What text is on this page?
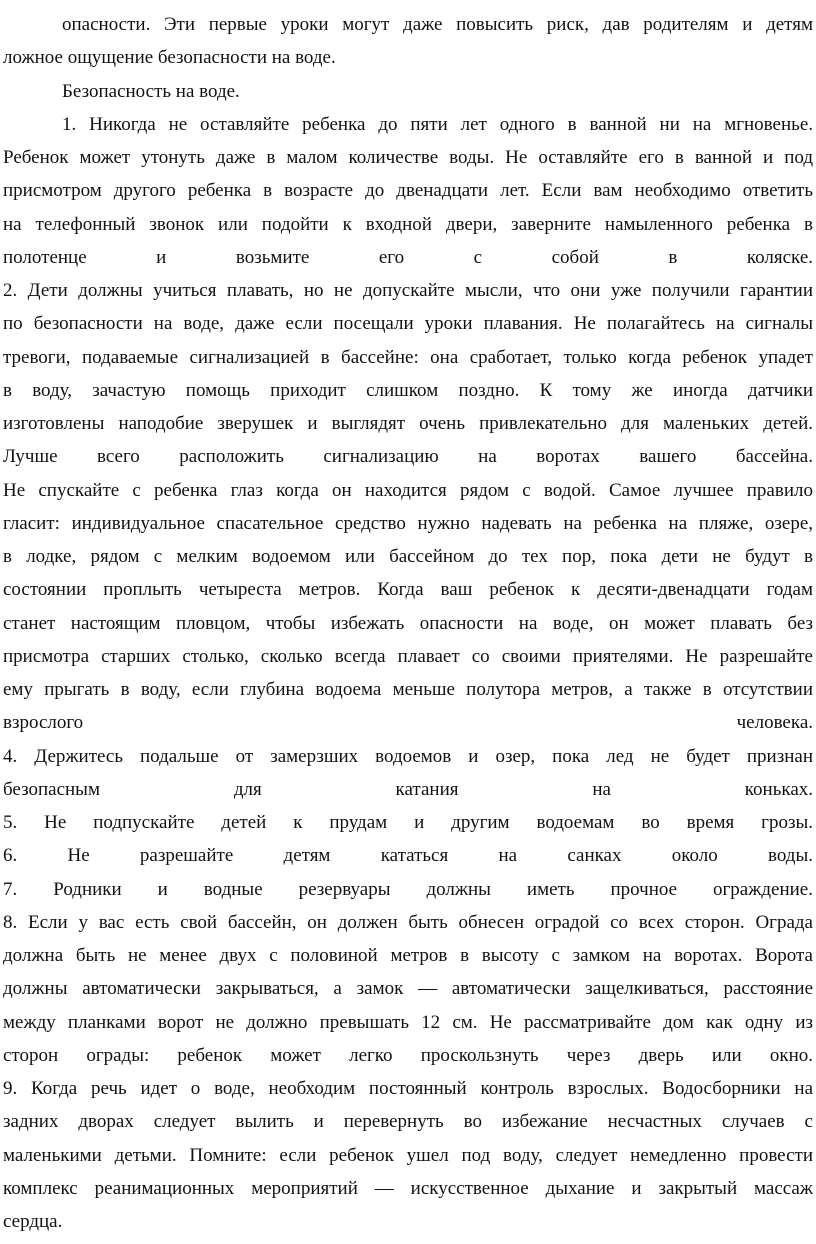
опасности. Эти первые уроки могут даже повысить риск, дав родителям и детям
ложное ощущение безопасности на воде.
Безопасность на воде.
1. Никогда не оставляйте ребенка до пяти лет одного в ванной ни на мгновенье.
Ребенок может утонуть даже в малом количестве воды. Не оставляйте его в ванной и под
присмотром другого ребенка в возрасте до двенадцати лет. Если вам необходимо ответить
на телефонный звонок или подойти к входной двери, заверните намыленного ребенка в
полотенце и возьмите его с собой в коляске.
2. Дети должны учиться плавать, но не допускайте мысли, что они уже получили гарантии
по безопасности на воде, даже если посещали уроки плавания. Не полагайтесь на сигналы
тревоги, подаваемые сигнализацией в бассейне: она сработает, только когда ребенок упадет
в воду, зачастую помощь приходит слишком поздно. К тому же иногда датчики
изготовлены наподобие зверушек и выглядят очень привлекательно для маленьких детей.
Лучше всего расположить сигнализацию на воротах вашего бассейна.
Не спускайте с ребенка глаз когда он находится рядом с водой. Самое лучшее правило
гласит: индивидуальное спасательное средство нужно надевать на ребенка на пляже, озере,
в лодке, рядом с мелким водоемом или бассейном до тех пор, пока дети не будут в
состоянии проплыть четыреста метров. Когда ваш ребенок к десяти-двенадцати годам
станет настоящим пловцом, чтобы избежать опасности на воде, он может плавать без
присмотра старших столько, сколько всегда плавает со своими приятелями. Не разрешайте
ему прыгать в воду, если глубина водоема меньше полутора метров, а также в отсутствии
взрослого человека.
4. Держитесь подальше от замерзших водоемов и озер, пока лед не будет признан
безопасным для катания на коньках.
5. Не подпускайте детей к прудам и другим водоемам во время грозы.
6. Не разрешайте детям кататься на санках около воды.
7. Родники и водные резервуары должны иметь прочное ограждение.
8. Если у вас есть свой бассейн, он должен быть обнесен оградой со всех сторон. Ограда
должна быть не менее двух с половиной метров в высоту с замком на воротах. Ворота
должны автоматически закрываться, а замок — автоматически защелкиваться, расстояние
между планками ворот не должно превышать 12 см. Не рассматривайте дом как одну из
сторон ограды: ребенок может легко проскользнуть через дверь или окно.
9. Когда речь идет о воде, необходим постоянный контроль взрослых. Водосборники на
задних дворах следует вылить и перевернуть во избежание несчастных случаев с
маленькими детьми. Помните: если ребенок ушел под воду, следует немедленно провести
комплекс реанимационных мероприятий — искусственное дыхание и закрытый массаж
сердца.
